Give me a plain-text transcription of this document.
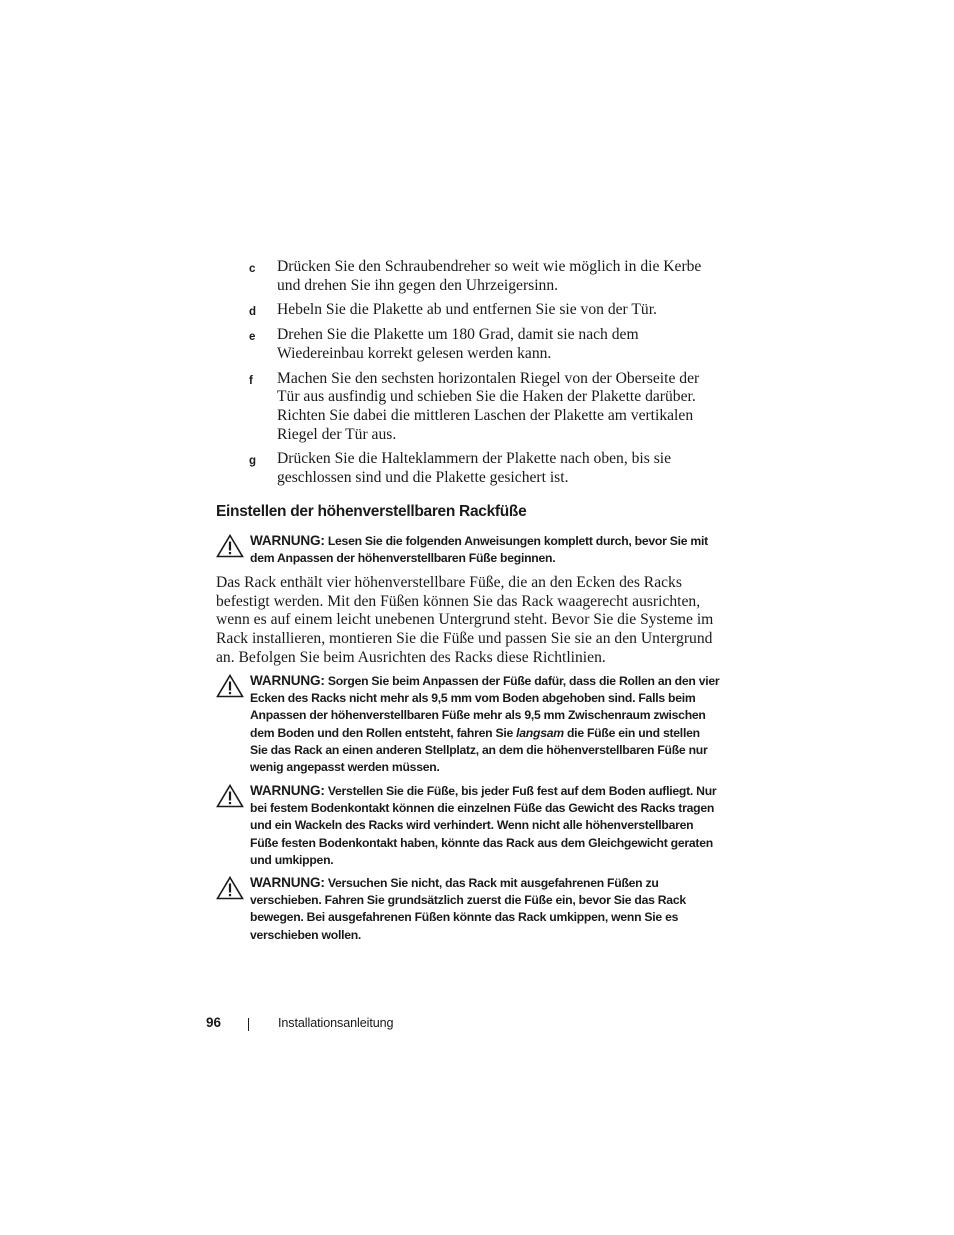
c Drücken Sie den Schraubendreher so weit wie möglich in die Kerbe und drehen Sie ihn gegen den Uhrzeigersinn.
d Hebeln Sie die Plakette ab und entfernen Sie sie von der Tür.
e Drehen Sie die Plakette um 180 Grad, damit sie nach dem Wiedereinbau korrekt gelesen werden kann.
f Machen Sie den sechsten horizontalen Riegel von der Oberseite der Tür aus ausfindig und schieben Sie die Haken der Plakette darüber. Richten Sie dabei die mittleren Laschen der Plakette am vertikalen Riegel der Tür aus.
g Drücken Sie die Halteklammern der Plakette nach oben, bis sie geschlossen sind und die Plakette gesichert ist.
Einstellen der höhenverstellbaren Rackfüße
WARNUNG: Lesen Sie die folgenden Anweisungen komplett durch, bevor Sie mit dem Anpassen der höhenverstellbaren Füße beginnen.

Das Rack enthält vier höhenverstellbare Füße, die an den Ecken des Racks befestigt werden. Mit den Füßen können Sie das Rack waagerecht ausrichten, wenn es auf einem leicht unebenen Untergrund steht. Bevor Sie die Systeme im Rack installieren, montieren Sie die Füße und passen Sie sie an den Untergrund an. Befolgen Sie beim Ausrichten des Racks diese Richtlinien.

WARNUNG: Sorgen Sie beim Anpassen der Füße dafür, dass die Rollen an den vier Ecken des Racks nicht mehr als 9,5 mm vom Boden abgehoben sind. Falls beim Anpassen der höhenverstellbaren Füße mehr als 9,5 mm Zwischenraum zwischen dem Boden und den Rollen entsteht, fahren Sie langsam die Füße ein und stellen Sie das Rack an einen anderen Stellplatz, an dem die höhenverstellbaren Füße nur wenig angepasst werden müssen.
WARNUNG: Verstellen Sie die Füße, bis jeder Fuß fest auf dem Boden aufliegt. Nur bei festem Bodenkontakt können die einzelnen Füße das Gewicht des Racks tragen und ein Wackeln des Racks wird verhindert. Wenn nicht alle höhenverstellbaren Füße festen Bodenkontakt haben, könnte das Rack aus dem Gleichgewicht geraten und umkippen.
WARNUNG: Versuchen Sie nicht, das Rack mit ausgefahrenen Füßen zu verschieben. Fahren Sie grundsätzlich zuerst die Füße ein, bevor Sie das Rack bewegen. Bei ausgefahrenen Füßen könnte das Rack umkippen, wenn Sie es verschieben wollen.
96	Installationsanleitung
